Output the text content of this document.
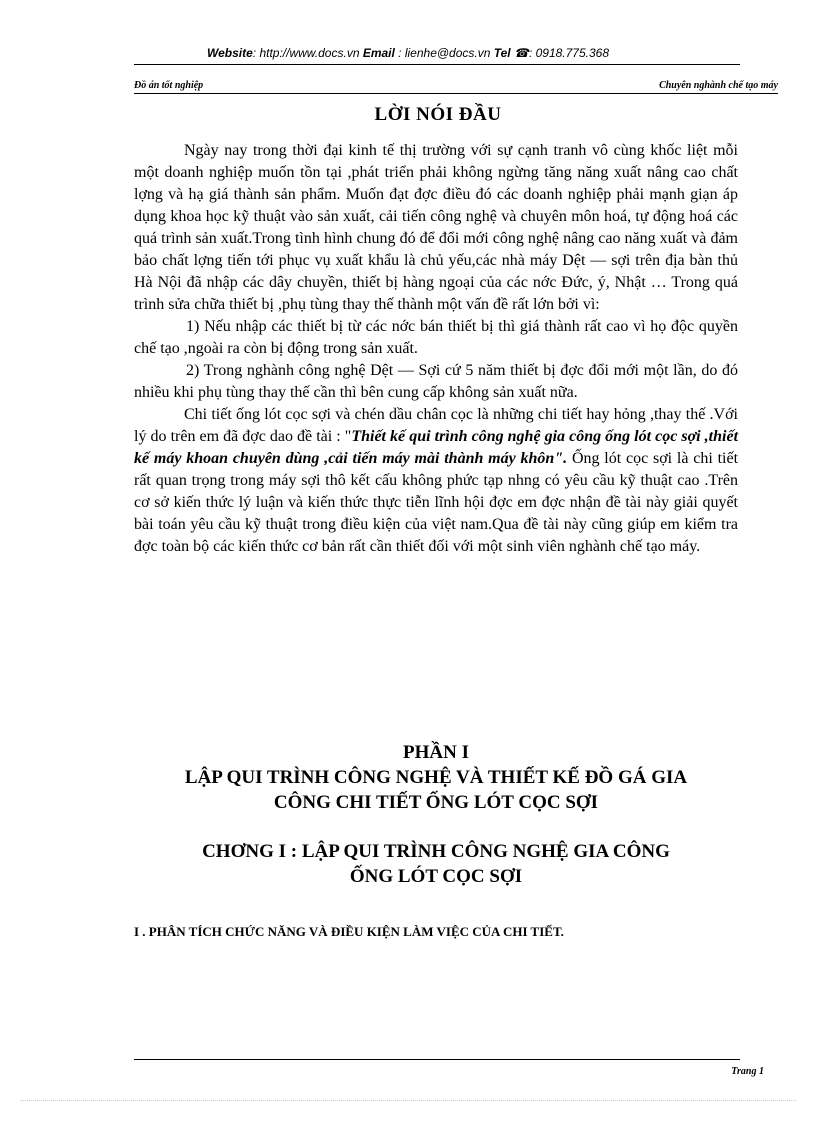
Website: http://www.docs.vn Email : lienhe@docs.vn Tel ☎: 0918.775.368
Đồ án tốt nghiệp	Chuyên nghành chế tạo máy
LỜI NÓI ĐẦU

Ngày nay trong thời đại kinh tế thị trường với sự cạnh tranh vô cùng khốc liệt mỗi một doanh nghiệp muốn tồn tại ,phát triển phải không ngừng tăng năng xuất nâng cao chất lợng và hạ giá thành sản phẩm. Muốn đạt đợc điều đó các doanh nghiệp phải mạnh giạn áp dụng khoa học kỹ thuật vào sản xuất, cải tiến công nghệ và chuyên môn hoá, tự động hoá các quá trình sản xuất.Trong tình hình chung đó để đổi mới công nghệ nâng cao năng xuất và đảm bảo chất lợng tiến tới phục vụ xuất khẩu là chủ yếu,các nhà máy Dệt — sợi trên địa bàn thủ Hà Nội đã nhập các dây chuyền, thiết bị hàng ngoại của các nớc Đức, ý, Nhật … Trong quá trình sửa chữa thiết bị ,phụ tùng thay thế thành một vấn đề rất lớn bởi vì:

1) Nếu nhập các thiết bị từ các nớc bán thiết bị thì giá thành rất cao vì họ độc quyền chế tạo ,ngoài ra còn bị động trong sản xuất.

2) Trong nghành công nghệ Dệt — Sợi cứ 5 năm thiết bị đợc đổi mới một lần, do đó nhiều khi phụ tùng thay thế cần thì bên cung cấp không sản xuất nữa.

Chi tiết ống lót cọc sợi và chén dầu chân cọc là những chi tiết hay hỏng ,thay thế .Với lý do trên em đã đợc dao đề tài : "Thiết kế qui trình công nghệ gia công ống lót cọc sợi ,thiết kế máy khoan chuyên dùng ,cải tiến máy mài thành máy khôn". Ống lót cọc sợi là chi tiết rất quan trọng trong máy sợi thô kết cấu không phức tạp nhng có yêu cầu kỹ thuật cao .Trên cơ sở kiến thức lý luận và kiến thức thực tiễn lĩnh hội đợc em đợc nhận đề tài này giải quyết bài toán yêu cầu kỹ thuật trong điều kiện của việt nam.Qua đề tài này cũng giúp em kiểm tra đợc toàn bộ các kiến thức cơ bản rất cần thiết đối với một sinh viên nghành chế tạo máy.

PHẦN I
LẬP QUI TRÌNH CÔNG NGHỆ VÀ THIẾT KẾ ĐỒ GÁ GIA
CÔNG CHI TIẾT ỐNG LÓT CỌC SỢI
CHƠNG I : LẬP QUI TRÌNH CÔNG NGHỆ GIA CÔNG
ỐNG LÓT CỌC SỢI
I . PHÂN TÍCH CHỨC NĂNG VÀ ĐIỀU KIỆN LÀM VIỆC CỦA CHI TIẾT.
Trang 1
